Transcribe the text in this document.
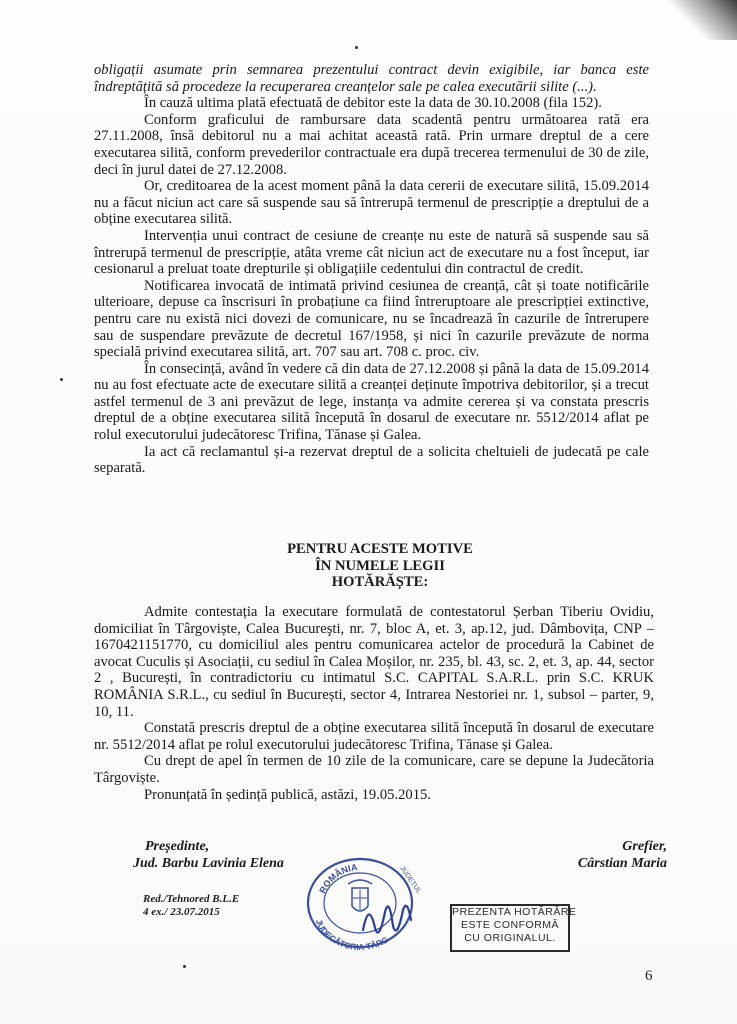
obligații asumate prin semnarea prezentului contract devin exigibile, iar banca este îndreptățită să procedeze la recuperarea creanțelor sale pe calea executării silite (...).

În cauză ultima plată efectuată de debitor este la data de 30.10.2008 (fila 152).

Conform graficului de rambursare data scadentă pentru următoarea rată era 27.11.2008, însă debitorul nu a mai achitat această rată. Prin urmare dreptul de a cere executarea silită, conform prevederilor contractuale era după trecerea termenului de 30 de zile, deci în jurul datei de 27.12.2008.

Or, creditoarea de la acest moment până la data cererii de executare silită, 15.09.2014 nu a făcut niciun act care să suspende sau să întrerupă termenul de prescripție a dreptului de a obține executarea silită.

Intervenția unui contract de cesiune de creanțe nu este de natură să suspende sau să întrerupă termenul de prescripție, atâta vreme cât niciun act de executare nu a fost început, iar cesionarul a preluat toate drepturile și obligațiile cedentului din contractul de credit.

Notificarea invocată de intimată privind cesiunea de creanță, cât și toate notificările ulterioare, depuse ca înscrisuri în probațiune ca fiind întreruptoare ale prescripției extinctive, pentru care nu există nici dovezi de comunicare, nu se încadrează în cazurile de întrerupere sau de suspendare prevăzute de decretul 167/1958, și nici în cazurile prevăzute de norma specială privind executarea silită, art. 707 sau art. 708 c. proc. civ.

În consecință, având în vedere că din data de 27.12.2008 și până la data de 15.09.2014 nu au fost efectuate acte de executare silită a creanței deținute împotriva debitorilor, și a trecut astfel termenul de 3 ani prevăzut de lege, instanța va admite cererea și va constata prescris dreptul de a obține executarea silită începută în dosarul de executare nr. 5512/2014 aflat pe rolul executorului judecătoresc Trifina, Tănase și Galea.

Ia act că reclamantul și-a rezervat dreptul de a solicita cheltuieli de judecată pe cale separată.

PENTRU ACESTE MOTIVE

ÎN NUMELE LEGII

HOTĂRĂȘTE:

Admite contestația la executare formulată de contestatorul Șerban Tiberiu Ovidiu, domiciliat în Târgoviște, Calea Bucureşti, nr. 7, bloc A, et. 3, ap.12, jud. Dâmbovița, CNP – 1670421151770, cu domiciliul ales pentru comunicarea actelor de procedură la Cabinet de avocat Cuculis și Asociații, cu sediul în Calea Moșilor, nr. 235, bl. 43, sc. 2, et. 3, ap. 44, sector 2 , București, în contradictoriu cu intimatul S.C. CAPITAL S.A.R.L. prin S.C. KRUK ROMÂNIA S.R.L., cu sediul în București, sector 4, Intrarea Nestoriei nr. 1, subsol – parter, 9, 10, 11.

Constată prescris dreptul de a obține executarea silită începută în dosarul de executare nr. 5512/2014 aflat pe rolul executorului judecătoresc Trifina, Tănase și Galea.

Cu drept de apel în termen de 10 zile de la comunicare, care se depune la Judecătoria Târgoviște.

Pronunțată în ședință publică, astăzi, 19.05.2015.

Președinte,
Jud. Barbu Lavinia Elena
Grefier,
Cârstian Maria
Red./Tehnored B.L.E
4 ex./ 23.07.2015
ROMÂNIA
JUDECĂTORIA TÂRG
JUDEȚUL
PREZENTA HOTĂRÂRE
ESTE CONFORMĂ
CU ORIGINALUL.
6
